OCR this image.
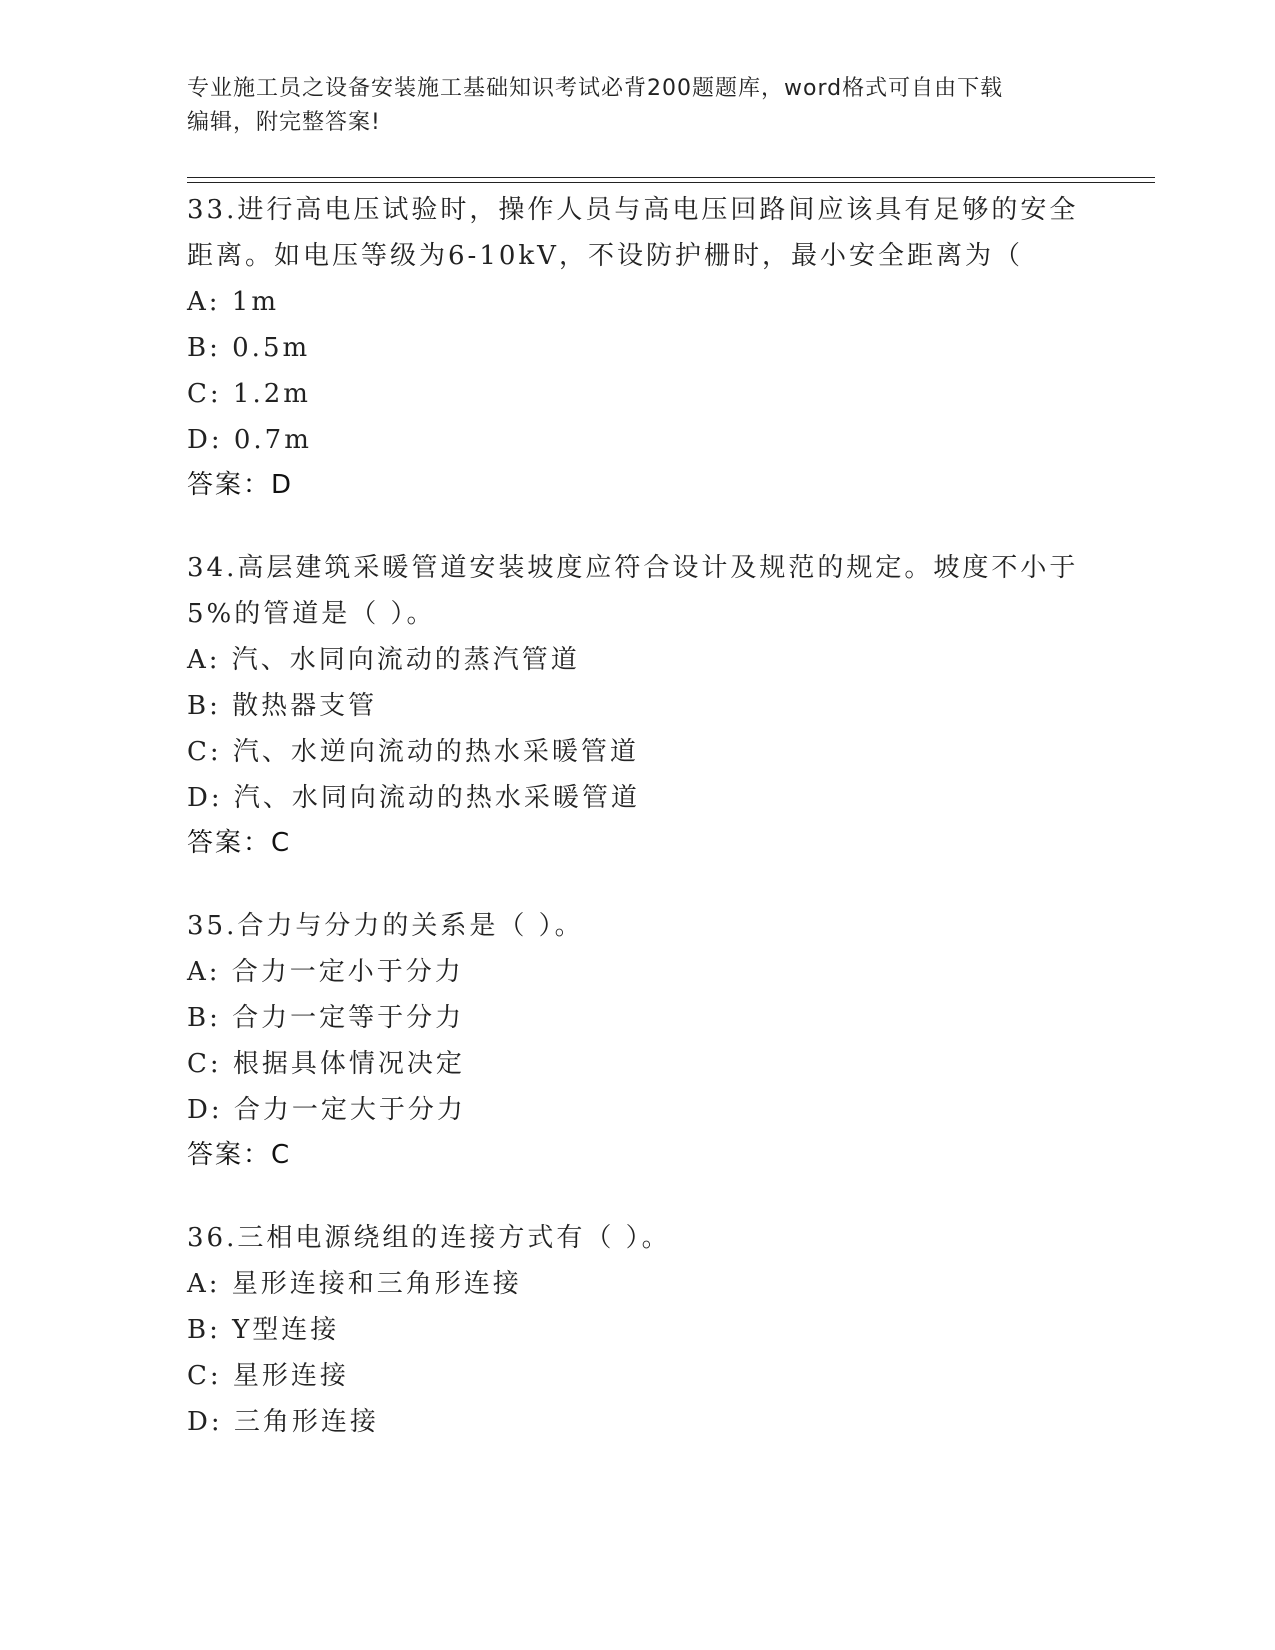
专业施工员之设备安装施工基础知识考试必背200题题库，word格式可自由下载
编辑，附完整答案!
33.进行高电压试验时，操作人员与高电压回路间应该具有足够的安全
距离。如电压等级为6-10kV，不设防护栅时，最小安全距离为（
A: 1m
B: 0.5m
C: 1.2m
D: 0.7m
答案：D
34.高层建筑采暖管道安装坡度应符合设计及规范的规定。坡度不小于
5%的管道是（ ）。
A: 汽、水同向流动的蒸汽管道
B: 散热器支管
C: 汽、水逆向流动的热水采暖管道
D: 汽、水同向流动的热水采暖管道
答案：C
35.合力与分力的关系是（ ）。
A: 合力一定小于分力
B: 合力一定等于分力
C: 根据具体情况决定
D: 合力一定大于分力
答案：C
36.三相电源绕组的连接方式有（ ）。
A: 星形连接和三角形连接
B: Y型连接
C: 星形连接
D: 三角形连接
